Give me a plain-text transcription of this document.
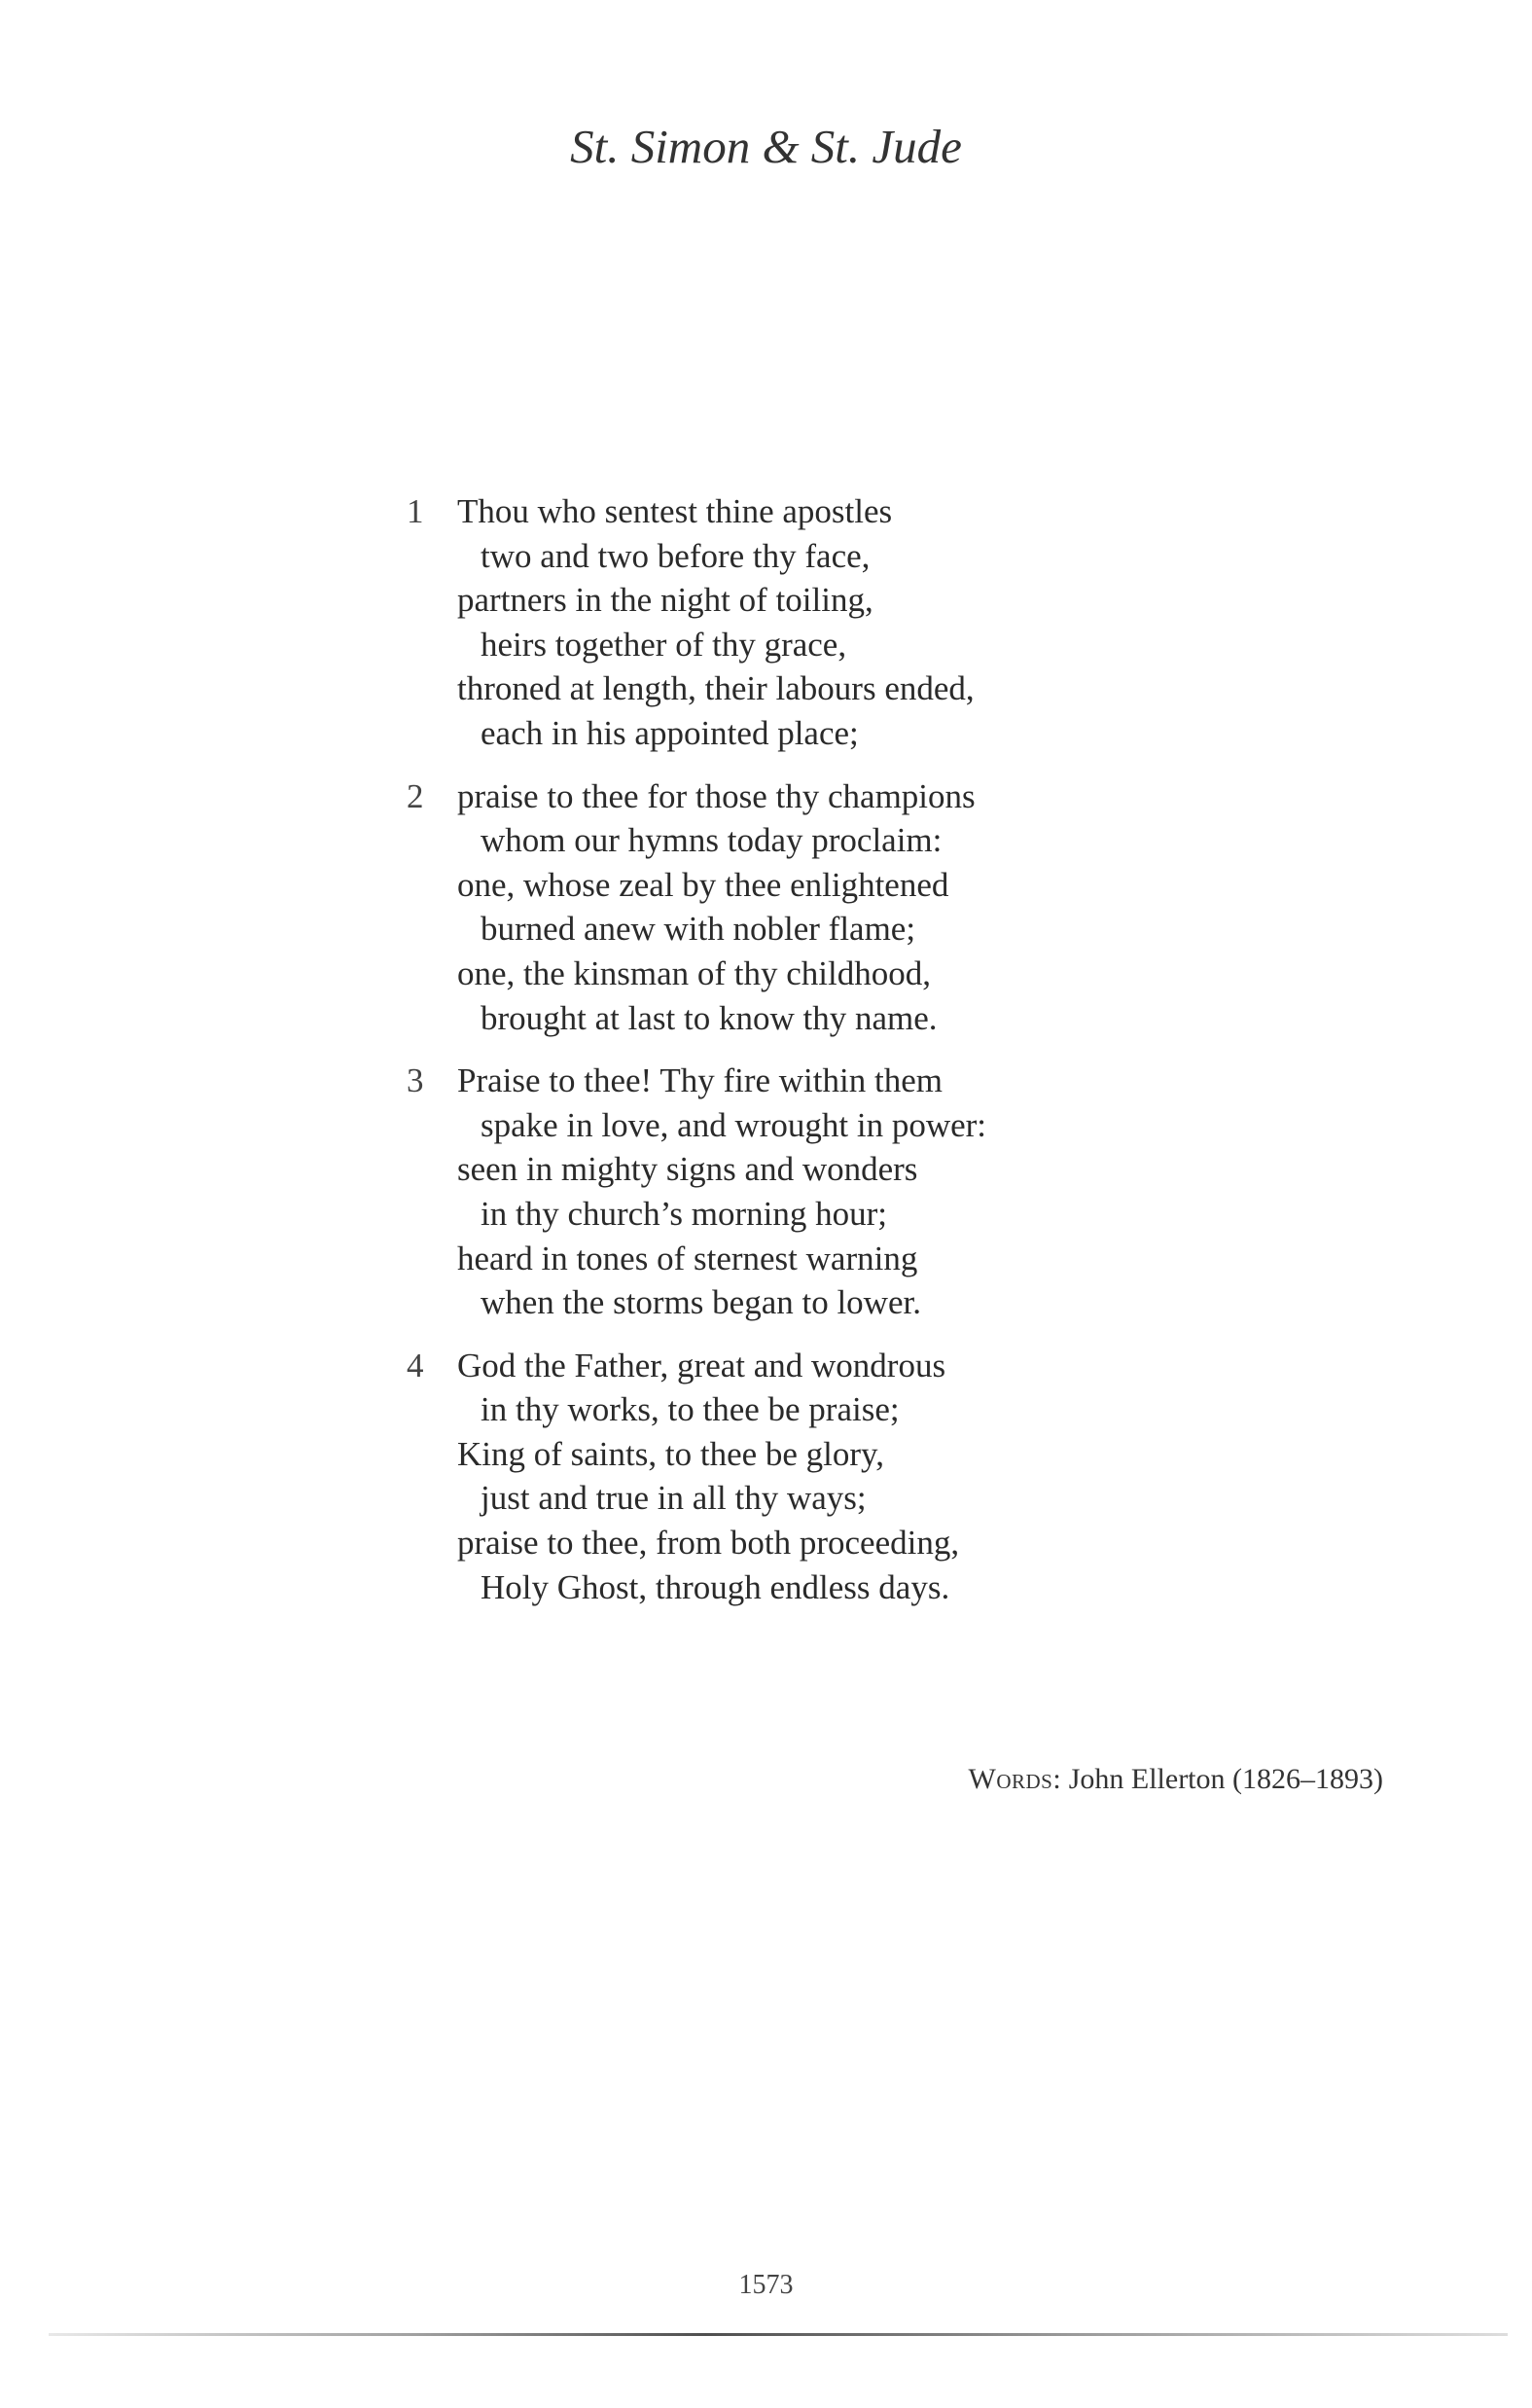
St. Simon & St. Jude
1 Thou who sentest thine apostles
two and two before thy face,
partners in the night of toiling,
heirs together of thy grace,
throned at length, their labours ended,
each in his appointed place;
2 praise to thee for those thy champions
whom our hymns today proclaim:
one, whose zeal by thee enlightened
burned anew with nobler flame;
one, the kinsman of thy childhood,
brought at last to know thy name.
3 Praise to thee! Thy fire within them
spake in love, and wrought in power:
seen in mighty signs and wonders
in thy church’s morning hour;
heard in tones of sternest warning
when the storms began to lower.
4 God the Father, great and wondrous
in thy works, to thee be praise;
King of saints, to thee be glory,
just and true in all thy ways;
praise to thee, from both proceeding,
Holy Ghost, through endless days.
Words: John Ellerton (1826–1893)
1573
